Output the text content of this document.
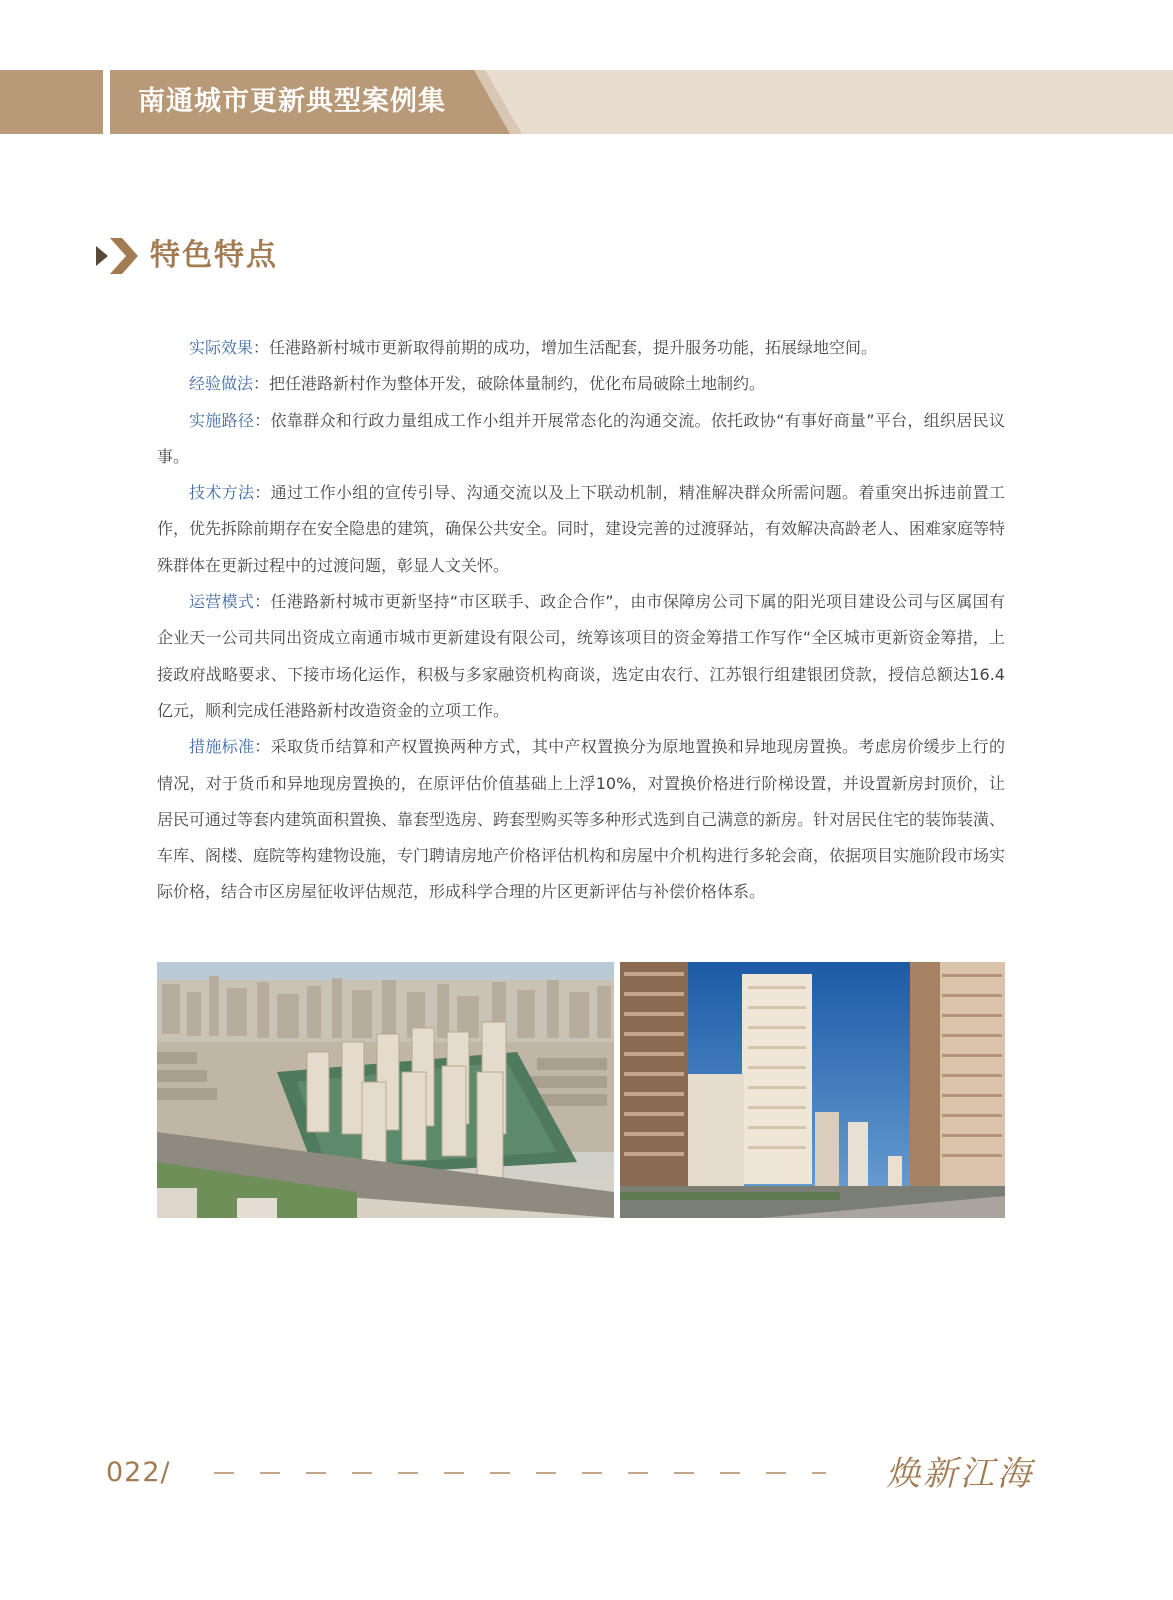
南通城市更新典型案例集
特色特点

实际效果：任港路新村城市更新取得前期的成功，增加生活配套，提升服务功能，拓展绿地空间。

经验做法：把任港路新村作为整体开发，破除体量制约，优化布局破除土地制约。

实施路径：依靠群众和行政力量组成工作小组并开展常态化的沟通交流。依托政协“有事好商量”平台，组织居民议事。

技术方法：通过工作小组的宣传引导、沟通交流以及上下联动机制，精准解决群众所需问题。着重突出拆违前置工作，优先拆除前期存在安全隐患的建筑，确保公共安全。同时，建设完善的过渡驿站，有效解决高龄老人、困难家庭等特殊群体在更新过程中的过渡问题，彰显人文关怀。

运营模式：任港路新村城市更新坚持“市区联手、政企合作”，由市保障房公司下属的阳光项目建设公司与区属国有企业天一公司共同出资成立南通市城市更新建设有限公司，统筹该项目的资金筹措工作写作“全区城市更新资金筹措，上接政府战略要求、下接市场化运作，积极与多家融资机构商谈，选定由农行、江苏银行组建银团贷款，授信总额达16.4亿元，顺利完成任港路新村改造资金的立项工作。

措施标准：采取货币结算和产权置换两种方式，其中产权置换分为原地置换和异地现房置换。考虑房价缓步上行的情况，对于货币和异地现房置换的，在原评估价值基础上上浮10%，对置换价格进行阶梯设置，并设置新房封顶价，让居民可通过等套内建筑面积置换、靠套型选房、跨套型购买等多种形式选到自己满意的新房。针对居民住宅的装饰装潢、车库、阁楼、庭院等构建物设施，专门聘请房地产价格评估机构和房屋中介机构进行多轮会商，依据项目实施阶段市场实际价格，结合市区房屋征收评估规范，形成科学合理的片区更新评估与补偿价格体系。

022/	焕新江海
